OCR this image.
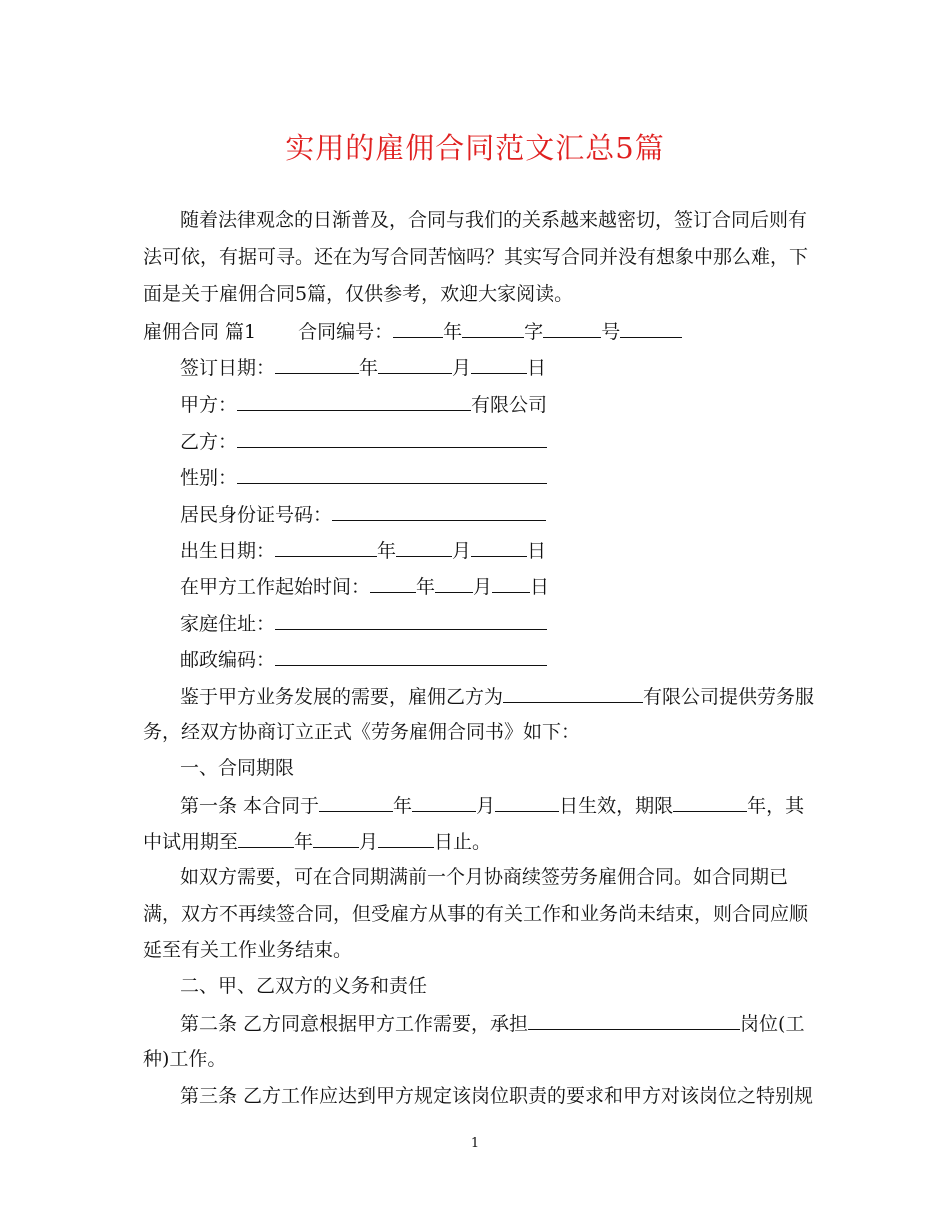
实用的雇佣合同范文汇总5篇
随着法律观念的日渐普及，合同与我们的关系越来越密切，签订合同后则有
法可依，有据可寻。还在为写合同苦恼吗？其实写合同并没有想象中那么难，下
面是关于雇佣合同5篇，仅供参考，欢迎大家阅读。
雇佣合同 篇1 合同编号：	年	字	号
签订日期：	年	月	日
甲方：	有限公司
乙方：
性别：
居民身份证号码：
出生日期：	年	月	日
在甲方工作起始时间： 年 月 日
家庭住址：
邮政编码：
鉴于甲方业务发展的需要，雇佣乙方为	有限公司提供劳务服
务，经双方协商订立正式《劳务雇佣合同书》如下：
一、合同期限
第一条 本合同于	年	月	日生效，期限	年，其
中试用期至	年 月	日止。
如双方需要，可在合同期满前一个月协商续签劳务雇佣合同。如合同期已
满，双方不再续签合同，但受雇方从事的有关工作和业务尚未结束，则合同应顺
延至有关工作业务结束。
二、甲、乙双方的义务和责任
第二条 乙方同意根据甲方工作需要，承担	岗位(工
种)工作。
第三条 乙方工作应达到甲方规定该岗位职责的要求和甲方对该岗位之特别规
1
